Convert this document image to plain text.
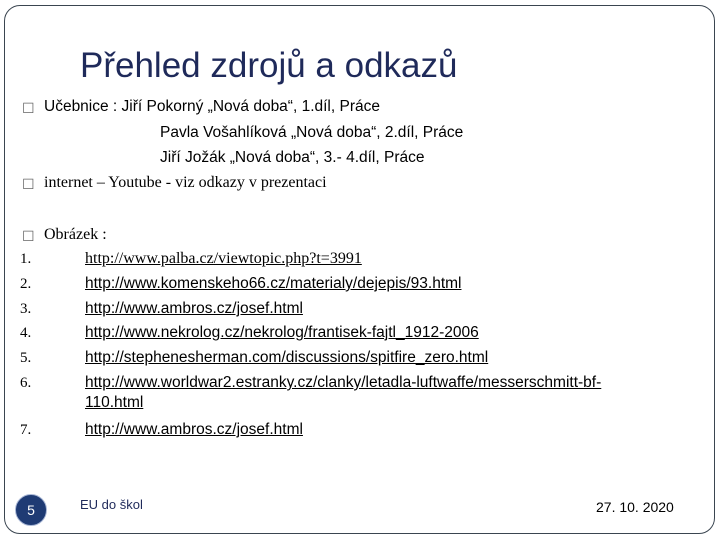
Přehled zdrojů a odkazů
☐ Učebnice : Jiří Pokorný „Nová doba“, 1.díl, Práce
Pavla Vošahlíková „Nová doba“, 2.díl, Práce
Jiří Jožák „Nová doba“, 3.- 4.díl, Práce
☐ internet – Youtube - viz odkazy v prezentaci
☐ Obrázek :
1.	http://www.palba.cz/viewtopic.php?t=3991
2.	http://www.komenskeho66.cz/materialy/dejepis/93.html
3.	http://www.ambros.cz/josef.html
4.	http://www.nekrolog.cz/nekrolog/frantisek-fajtl_1912-2006
5.	http://stephenesherman.com/discussions/spitfire_zero.html
6.	http://www.worldwar2.estranky.cz/clanky/letadla-luftwaffe/messerschmitt-bf-
110.html
7.	http://www.ambros.cz/josef.html
5	EU do škol	27. 10. 2020
